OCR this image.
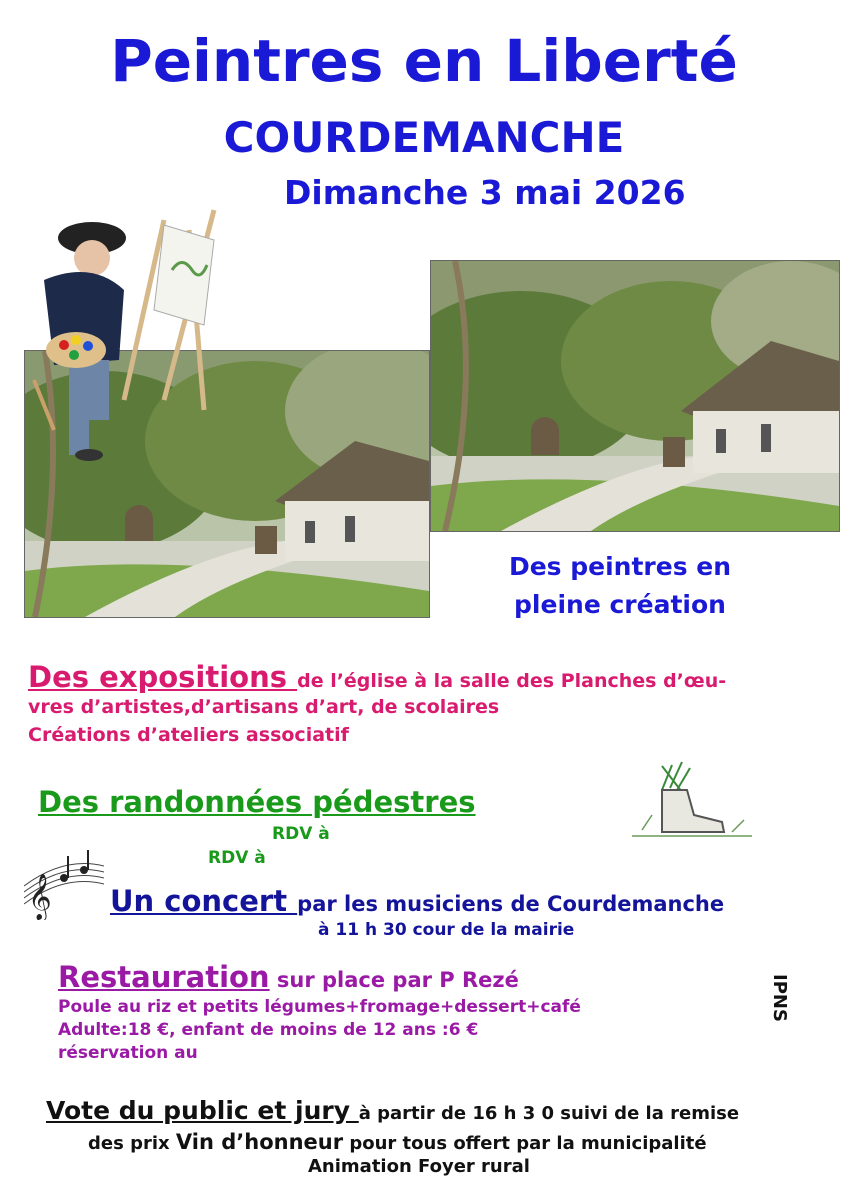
Peintres en Liberté
COURDEMANCHE
Dimanche 3 mai 2026
Des peintres en
pleine création
Des expositions de l’église à la salle des Planches d’œu-
vres d’artistes,d’artisans d’art, de scolaires
Créations d’ateliers associatif
Des randonnées pédestres
RDV à
RDV à
𝄞 Un concert par les musiciens de Courdemanche
à 11 h 30 cour de la mairie
Restauration sur place par P Rezé
Poule au riz et petits légumes+fromage+dessert+café
Adulte:18 €, enfant de moins de 12 ans :6 €
réservation au
IPNS
Vote du public et jury à partir de 16 h 3 0 suivi de la remise
des prix Vin d’honneur pour tous offert par la municipalité
Animation Foyer rural
